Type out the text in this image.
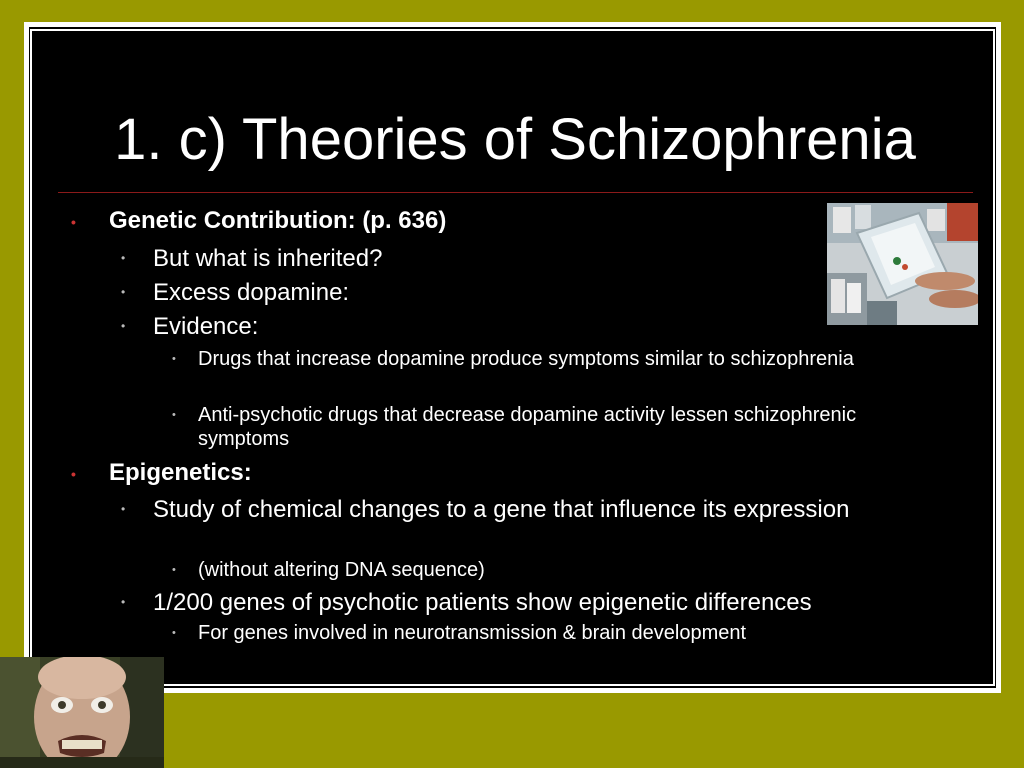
1. c) Theories of Schizophrenia
• Genetic Contribution: (p. 636)
• But what is inherited?
• Excess dopamine:
• Evidence:
• Drugs that increase dopamine produce symptoms similar to schizophrenia
• Anti-psychotic drugs that decrease dopamine activity lessen schizophrenic symptoms
• Epigenetics:
• Study of chemical changes to a gene that influence its expression
• (without altering DNA sequence)
• 1/200 genes of psychotic patients show epigenetic differences
• For genes involved in neurotransmission & brain development
